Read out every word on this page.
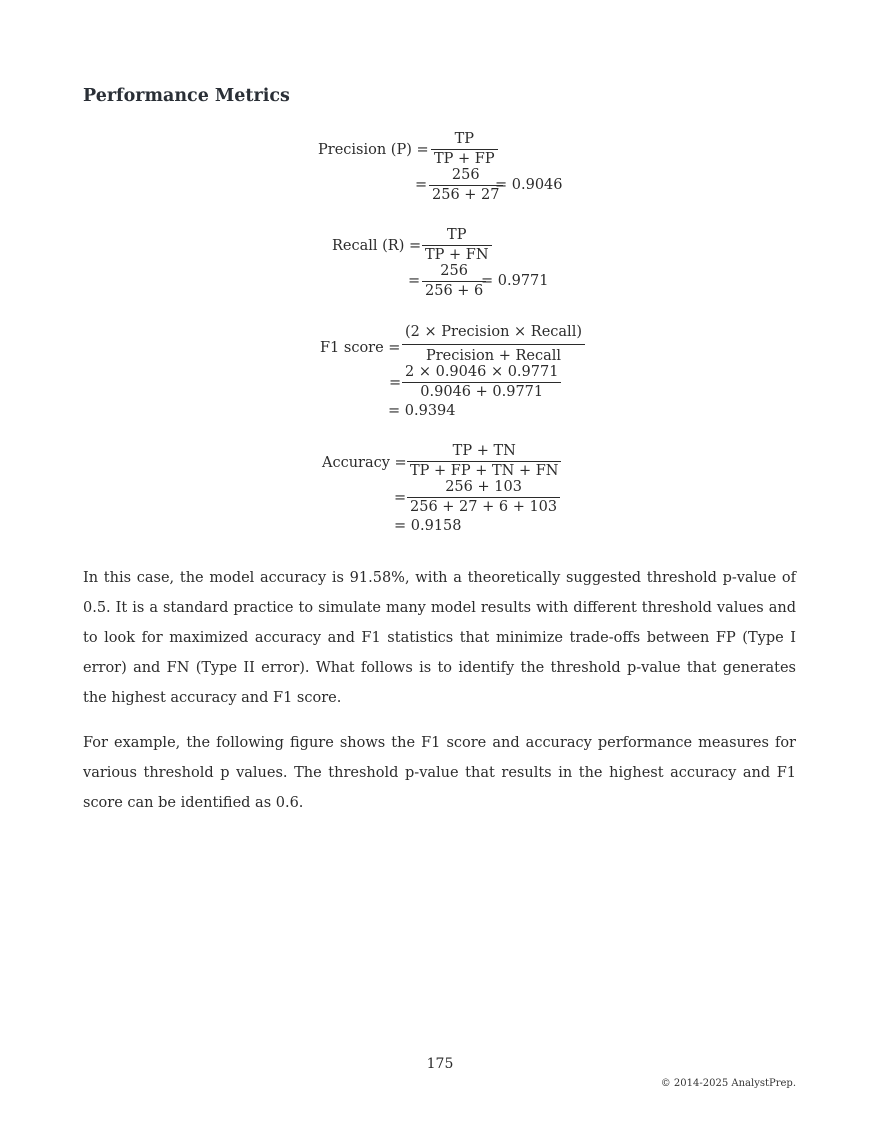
Performance Metrics
Precision (P) =
TP
TP + FP
=
256
256 + 27
= 0.9046
Recall (R) =
TP
TP + FN
=
256
256 + 6
= 0.9771
F1 score =
(2 × Precision × Recall)
Precision + Recall
=
2 × 0.9046 × 0.9771
0.9046 + 0.9771
= 0.9394
Accuracy =
TP + TN
TP + FP + TN + FN
=
256 + 103
256 + 27 + 6 + 103
= 0.9158

In this case, the model accuracy is 91.58%, with a theoretically suggested threshold p-value of 0.5. It is a standard practice to simulate many model results with different threshold values and to look for maximized accuracy and F1 statistics that minimize trade-offs between FP (Type I error) and FN (Type II error). What follows is to identify the threshold p-value that generates the highest accuracy and F1 score.

For example, the following figure shows the F1 score and accuracy performance measures for various threshold p values. The threshold p-value that results in the highest accuracy and F1 score can be identified as 0.6.

175
© 2014-2025 AnalystPrep.
